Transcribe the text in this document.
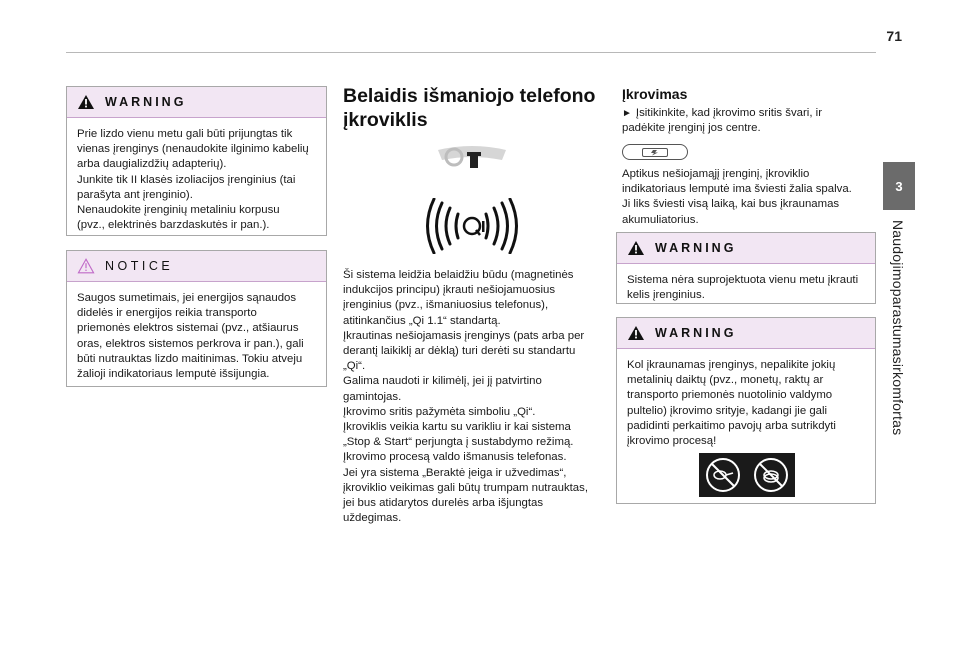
71
3
Naudojimoparastumasirkomfortas
WARNING
Prie lizdo vienu metu gali būti prijungtas tik
vienas įrenginys (nenaudokite ilginimo kabelių
arba daugializdžių adapterių).
Junkite tik II klasės izoliacijos įrenginius (tai
parašyta ant įrenginio).
Nenaudokite įrenginių metaliniu korpusu
(pvz., elektrinės barzdaskutės ir pan.).
NOTICE
Saugos sumetimais, jei energijos sąnaudos
didelės ir energijos reikia transporto
priemonės elektros sistemai (pvz., atšiaurus
oras, elektros sistemos perkrova ir pan.), gali
būti nutrauktas lizdo maitinimas. Tokiu atveju
žalioji indikatoriaus lemputė išsijungia.
Belaidis išmaniojo telefono
įkroviklis
Ši sistema leidžia belaidžiu būdu (magnetinės
indukcijos principu) įkrauti nešiojamuosius
įrenginius (pvz., išmaniuosius telefonus),
atitinkančius „Qi 1.1“ standartą.
Įkrautinas nešiojamasis įrenginys (pats arba per
derantį laikiklį ar dėklą) turi derėti su standartu
„Qi“.
Galima naudoti ir kilimėlį, jei jį patvirtino
gamintojas.
Įkrovimo sritis pažymėta simboliu „Qi“.
Įkroviklis veikia kartu su varikliu ir kai sistema
„Stop & Start“ perjungta į sustabdymo režimą.
Įkrovimo procesą valdo išmanusis telefonas.
Jei yra sistema „Beraktė įeiga ir užvedimas“,
įkroviklio veikimas gali būtų trumpam nutrauktas,
jei bus atidarytos durelės arba išjungtas
uždegimas.
Įkrovimas
► Įsitikinkite, kad įkrovimo sritis švari, ir
padėkite įrenginį jos centre.
Aptikus nešiojamąjį įrenginį, įkroviklio
indikatoriaus lemputė ima šviesti žalia spalva.
Ji liks šviesti visą laiką, kai bus įkraunamas
akumuliatorius.
WARNING
Sistema nėra suprojektuota vienu metu įkrauti
kelis įrenginius.
WARNING
Kol įkraunamas įrenginys, nepalikite jokių
metalinių daiktų (pvz., monetų, raktų ar
transporto priemonės nuotolinio valdymo
pultelio) įkrovimo srityje, kadangi jie gali
padidinti perkaitimo pavojų arba sutrikdyti
įkrovimo procesą!
